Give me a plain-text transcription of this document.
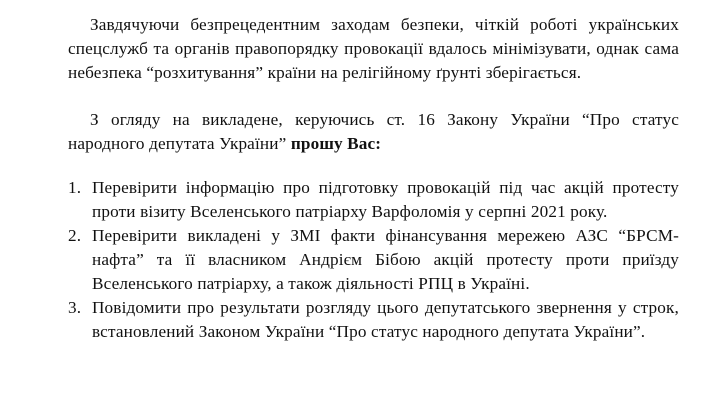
Завдячуючи безпрецедентним заходам безпеки, чіткій роботі українських спецслужб та органів правопорядку провокації вдалось мінімізувати, однак сама небезпека “розхитування” країни на релігійному ґрунті зберігається.

З огляду на викладене, керуючись ст. 16 Закону України “Про статус народного депутата України” прошу Вас:

1. Перевірити інформацію про підготовку провокацій під час акцій протесту проти візиту Вселенського патріарху Варфоломія у серпні 2021 року.
2. Перевірити викладені у ЗМІ факти фінансування мережею АЗС “БРСМ-нафта” та її власником Андрієм Бібою акцій протесту проти приїзду Вселенського патріарху, а також діяльності РПЦ в Україні.
3. Повідомити про результати розгляду цього депутатського звернення у строк, встановлений Законом України “Про статус народного депутата України”.
